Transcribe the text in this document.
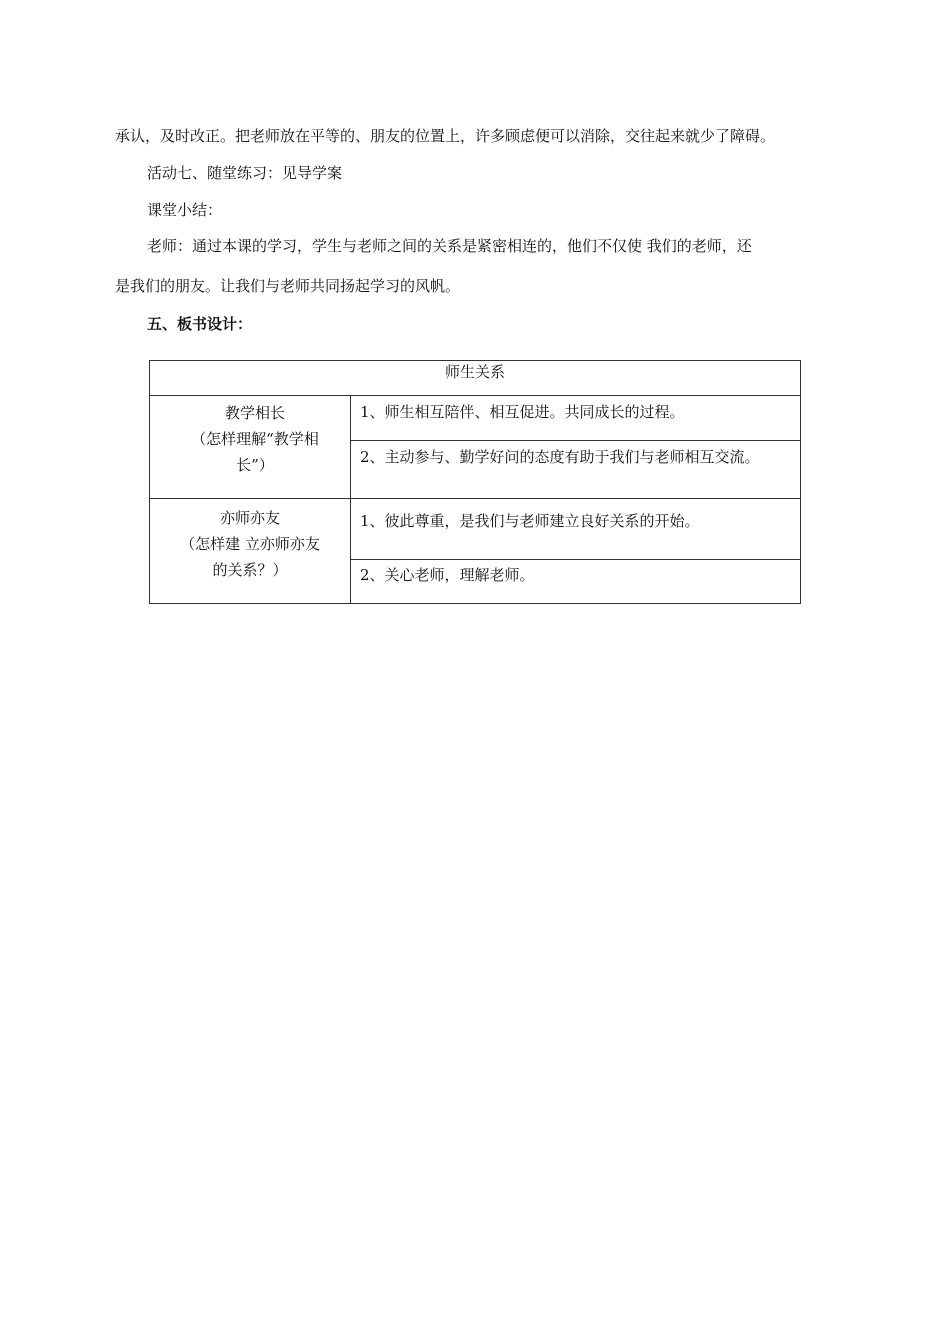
承认，及时改正。把老师放在平等的、朋友的位置上，许多顾虑便可以消除，交往起来就少了障碍。
活动七、随堂练习：见导学案
课堂小结：
老师：通过本课的学习，学生与老师之间的关系是紧密相连的，他们不仅使 我们的老师，还
是我们的朋友。让我们与老师共同扬起学习的风帆。
五、板书设计：
师生关系
教学相长
（怎样理解“教学相长”）
1、师生相互陪伴、相互促进。共同成长的过程。
2、主动参与、勤学好问的态度有助于我们与老师相互交流。
亦师亦友
（怎样建 立亦师亦友的关系？）
1、彼此尊重，是我们与老师建立良好关系的开始。
2、关心老师，理解老师。
